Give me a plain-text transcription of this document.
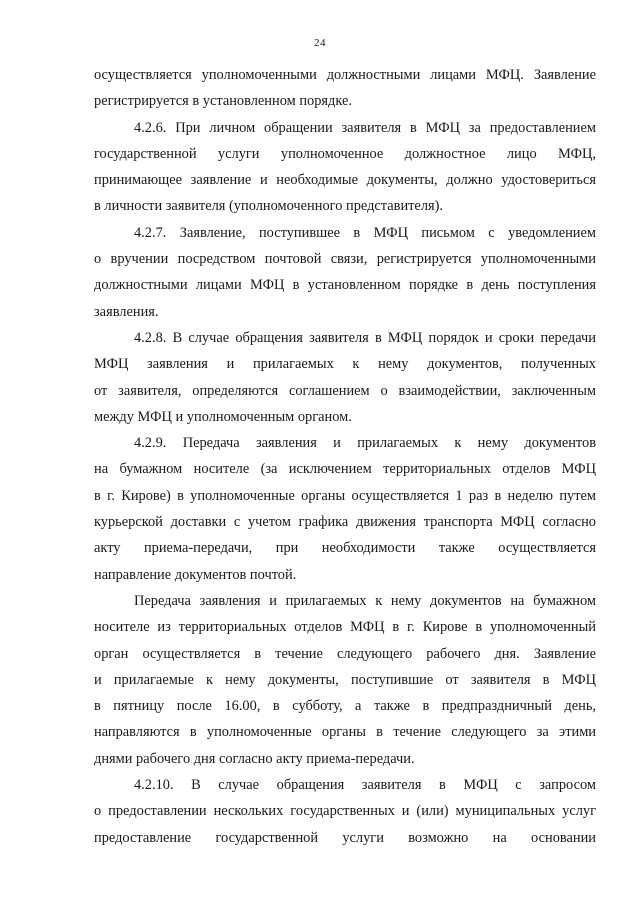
24
осуществляется уполномоченными должностными лицами МФЦ. Заявление
регистрируется в установленном порядке.
4.2.6. При личном обращении заявителя в МФЦ за предоставлением
государственной услуги уполномоченное должностное лицо МФЦ,
принимающее заявление и необходимые документы, должно удостовериться
в личности заявителя (уполномоченного представителя).
4.2.7. Заявление, поступившее в МФЦ письмом с уведомлением
о вручении посредством почтовой связи, регистрируется уполномоченными
должностными лицами МФЦ в установленном порядке в день поступления
заявления.
4.2.8. В случае обращения заявителя в МФЦ порядок и сроки передачи
МФЦ заявления и прилагаемых к нему документов, полученных
от заявителя, определяются соглашением о взаимодействии, заключенным
между МФЦ и уполномоченным органом.
4.2.9. Передача заявления и прилагаемых к нему документов
на бумажном носителе (за исключением территориальных отделов МФЦ
в г. Кирове) в уполномоченные органы осуществляется 1 раз в неделю путем
курьерской доставки с учетом графика движения транспорта МФЦ согласно
акту приема-передачи, при необходимости также осуществляется
направление документов почтой.
Передача заявления и прилагаемых к нему документов на бумажном
носителе из территориальных отделов МФЦ в г. Кирове в уполномоченный
орган осуществляется в течение следующего рабочего дня. Заявление
и прилагаемые к нему документы, поступившие от заявителя в МФЦ
в пятницу после 16.00, в субботу, а также в предпраздничный день,
направляются в уполномоченные органы в течение следующего за этими
днями рабочего дня согласно акту приема-передачи.
4.2.10. В случае обращения заявителя в МФЦ с запросом
о предоставлении нескольких государственных и (или) муниципальных услуг
предоставление государственной услуги возможно на основании
